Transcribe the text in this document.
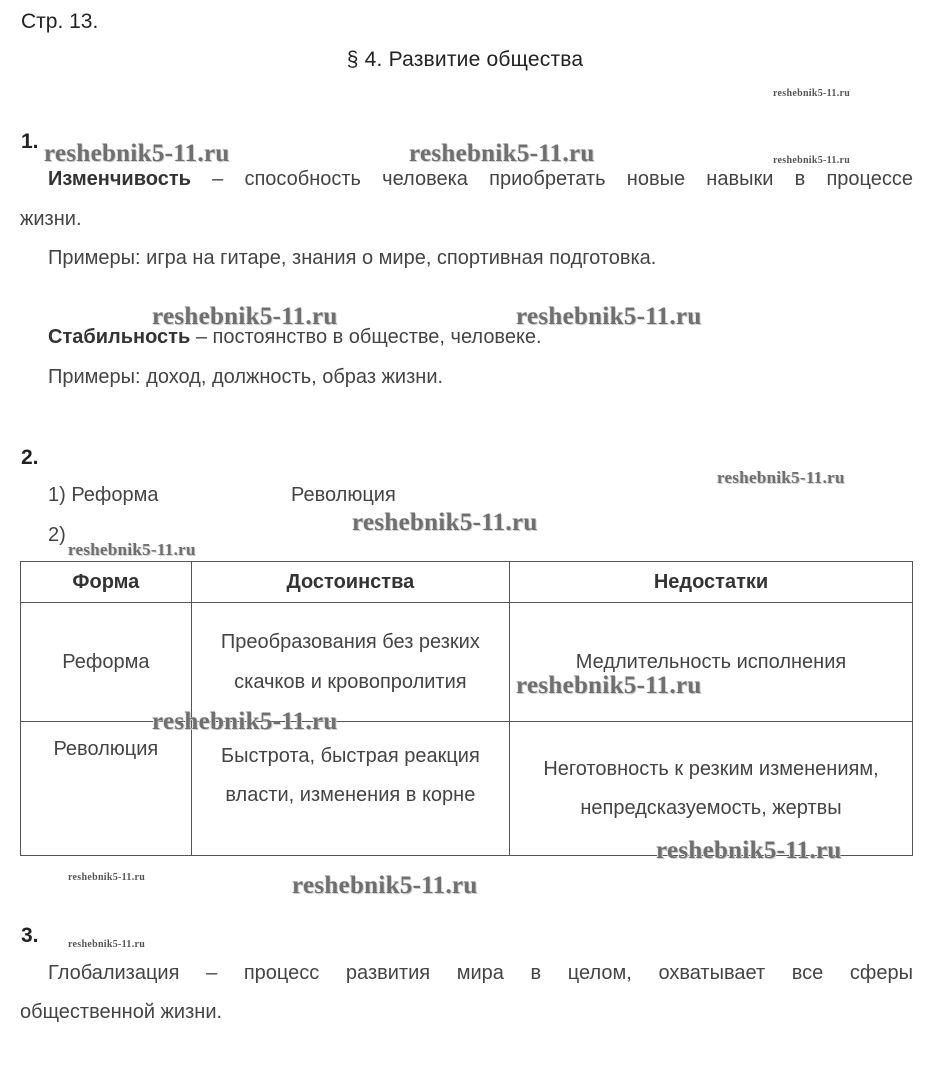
Стр. 13.
§ 4. Развитие общества
1.
Изменчивость – способность человека приобретать новые навыки в процессе
жизни.
Примеры: игра на гитаре, знания о мире, спортивная подготовка.
Стабильность – постоянство в обществе, человеке.
Примеры: доход, должность, образ жизни.
2.
1) Реформа	Революция
2)
Форма	Достоинства	Недостатки
Реформа	Преобразования без резких скачков и кровопролития	Медлительность исполнения
Революция	Быстрота, быстрая реакция власти, изменения в корне	Неготовность к резким изменениям, непредсказуемость, жертвы
3.
Глобализация – процесс развития мира в целом, охватывает все сферы
общественной жизни.
reshebnik5-11.ru
reshebnik5-11.ru	reshebnik5-11.ru	reshebnik5-11.ru
reshebnik5-11.ru	reshebnik5-11.ru
reshebnik5-11.ru
reshebnik5-11.ru
reshebnik5-11.ru
reshebnik5-11.ru
reshebnik5-11.ru
reshebnik5-11.ru
reshebnik5-11.ru	reshebnik5-11.ru
reshebnik5-11.ru
